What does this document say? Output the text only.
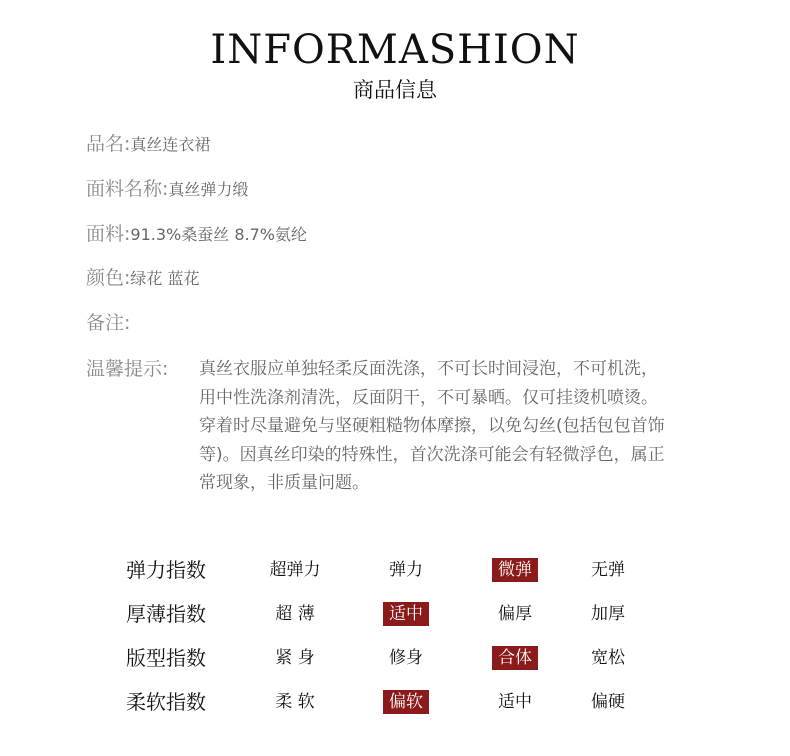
INFORMASHION
商品信息
品名:真丝连衣裙
面料名称:真丝弹力缎
面料:91.3%桑蚕丝 8.7%氨纶
颜色:绿花 蓝花
备注:
温馨提示: 真丝衣服应单独轻柔反面洗涤，不可长时间浸泡，不可机洗，
用中性洗涤剂清洗，反面阴干，不可暴晒。仅可挂烫机喷烫。
穿着时尽量避免与坚硬粗糙物体摩擦，以免勾丝(包括包包首饰
等)。因真丝印染的特殊性，首次洗涤可能会有轻微浮色，属正
常现象，非质量问题。
弹力指数	超弹力	弹力	微弹	无弹
厚薄指数	超 薄	适中	偏厚	加厚
版型指数	紧 身	修身	合体	宽松
柔软指数	柔 软	偏软	适中	偏硬
